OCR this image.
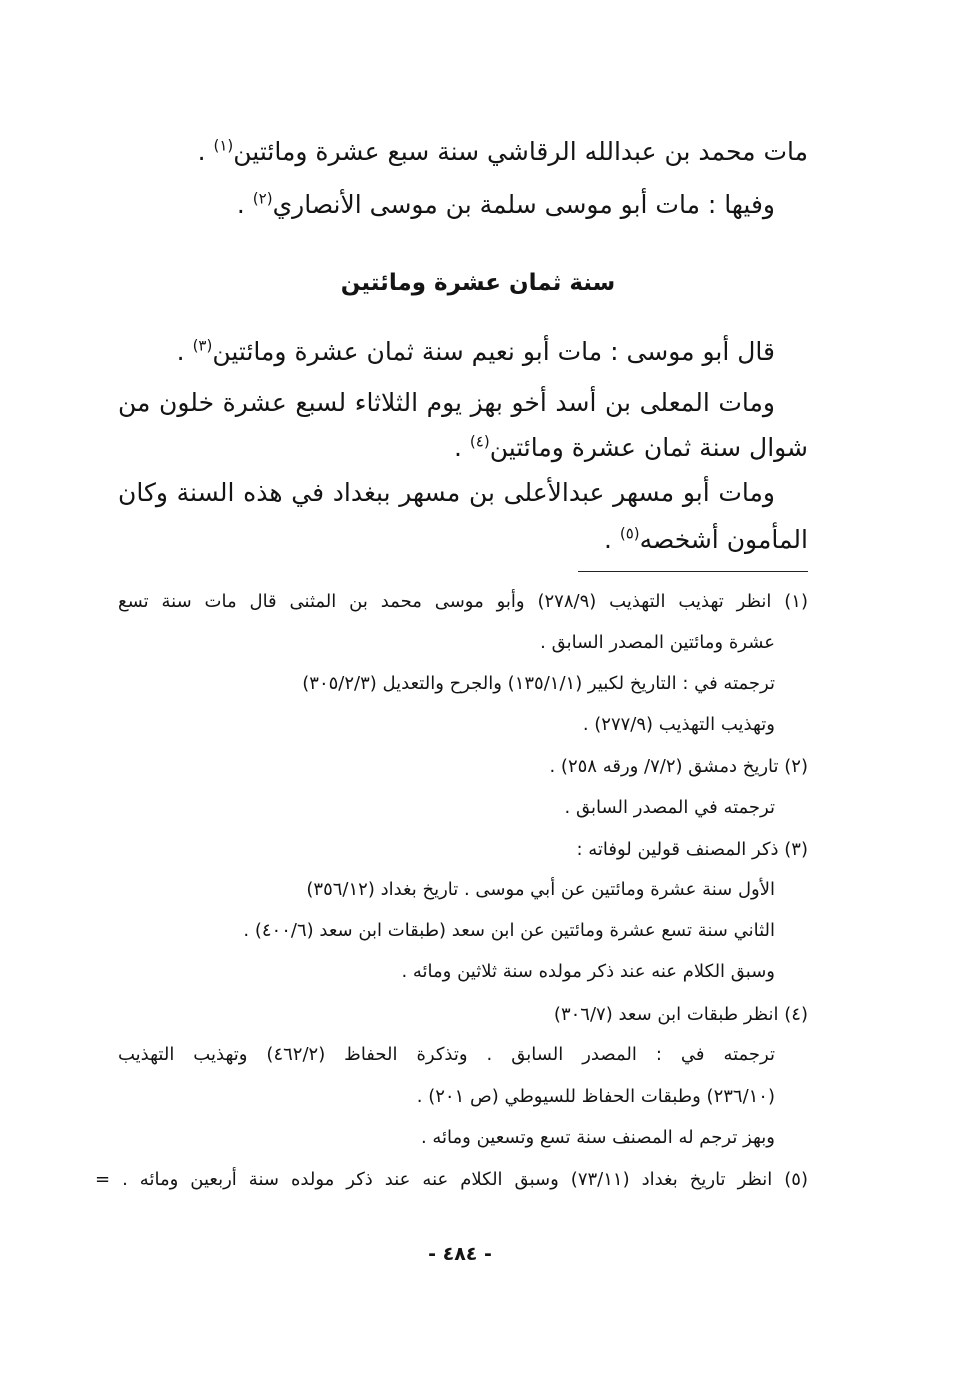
مات محمد بن عبدالله الرقاشي سنة سبع عشرة ومائتين$^{(١)}$ .
وفيها : مات أبو موسى سلمة بن موسى الأنصاري$^{(٢)}$ .
سنة ثمان عشرة ومائتين
قال أبو موسى : مات أبو نعيم سنة ثمان عشرة ومائتين$^{(٣)}$ .
ومات المعلى بن أسد أخو بهز يوم الثلاثاء لسبع عشرة خلون من
شوال سنة ثمان عشرة ومائتين$^{(٤)}$ .
ومات أبو مسهر عبدالأعلى بن مسهر ببغداد في هذه السنة وكان
المأمون أشخصه$^{(٥)}$ .
(١) انظر تهذيب التهذيب (٢٧٨/٩) وأبو موسى محمد بن المثنى قال مات سنة تسع
عشرة ومائتين المصدر السابق .
ترجمته في : التاريخ لكبير (١٣٥/١/١) والجرح والتعديل (٣٠٥/٢/٣)
وتهذيب التهذيب (٢٧٧/٩) .
(٢) تاريخ دمشق (٧/٢/ ورقه ٢٥٨) .
ترجمته في المصدر السابق .
(٣) ذكر المصنف قولين لوفاته :
الأول سنة عشرة ومائتين عن أبي موسى . تاريخ بغداد (٣٥٦/١٢)
الثاني سنة تسع عشرة ومائتين عن ابن سعد (طبقات ابن سعد (٤٠٠/٦) .
وسبق الكلام عنه عند ذكر مولده سنة ثلاثين ومائه .
(٤) انظر طبقات ابن سعد (٣٠٦/٧)
ترجمته في : المصدر السابق . وتذكرة الحفاظ (٤٦٢/٢) وتهذيب التهذيب
(٢٣٦/١٠) وطبقات الحفاظ للسيوطي (ص ٢٠١) .
وبهز ترجم له المصنف سنة تسع وتسعين ومائه .
(٥) انظر تاريخ بغداد (٧٣/١١) وسبق الكلام عنه عند ذكر مولده سنة أربعين ومائه . =
- ٤٨٤ -
